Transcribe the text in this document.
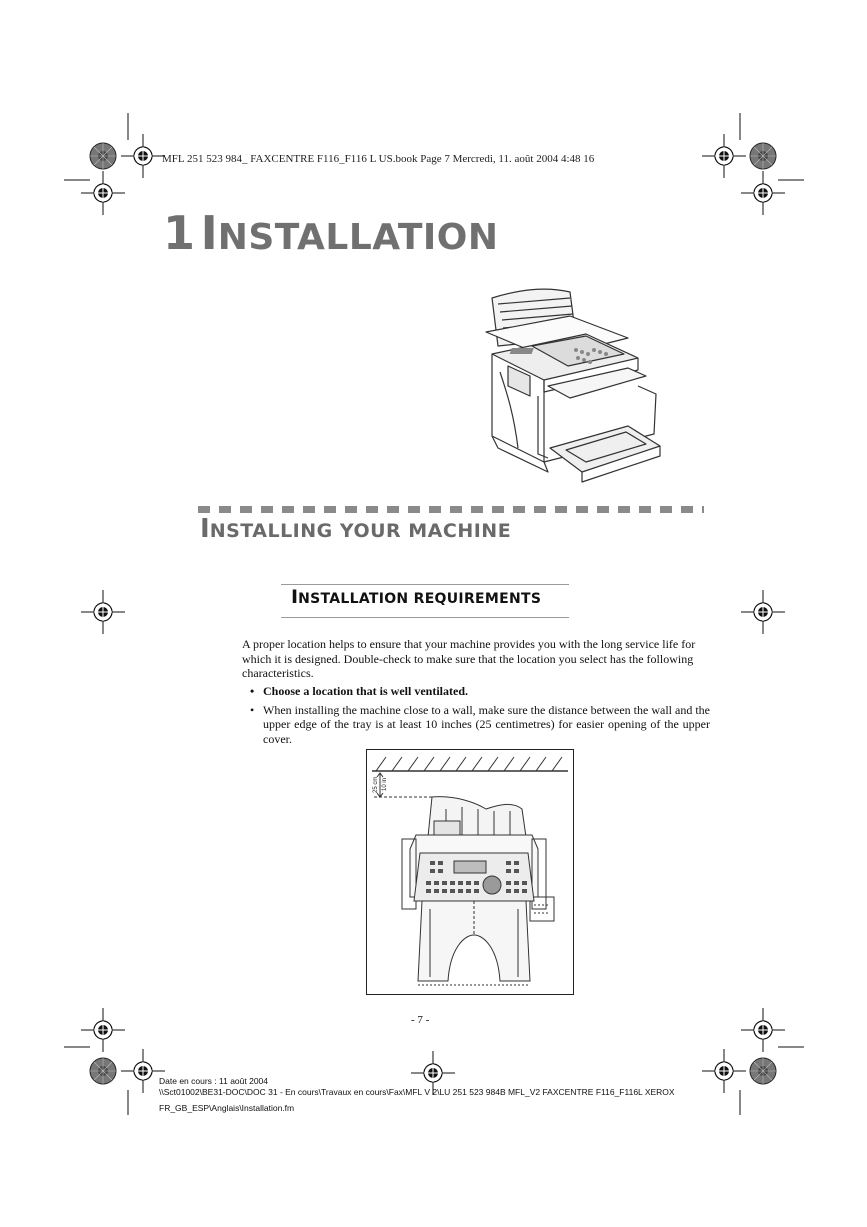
MFL 251 523 984_ FAXCENTRE F116_F116 L US.book Page 7 Mercredi, 11. août 2004 4:48 16
1 INSTALLATION
INSTALLING YOUR MACHINE
INSTALLATION REQUIREMENTS
A proper location helps to ensure that your machine provides you with the long service life for which it is designed. Double-check to make sure that the location you select has the following characteristics.
• Choose a location that is well ventilated.
• When installing the machine close to a wall, make sure the distance between the wall and the upper edge of the tray is at least 10 inches (25 centimetres) for easier opening of the upper cover.
25 cm 10 in
- 7 -
Date en cours : 11 août 2004
\\Sct01002\BE31-DOC\DOC 31 - En cours\Travaux en cours\Fax\MFL V 2\LU 251 523 984B MFL_V2 FAXCENTRE F116_F116L XEROX
FR_GB_ESP\Anglais\Installation.fm
